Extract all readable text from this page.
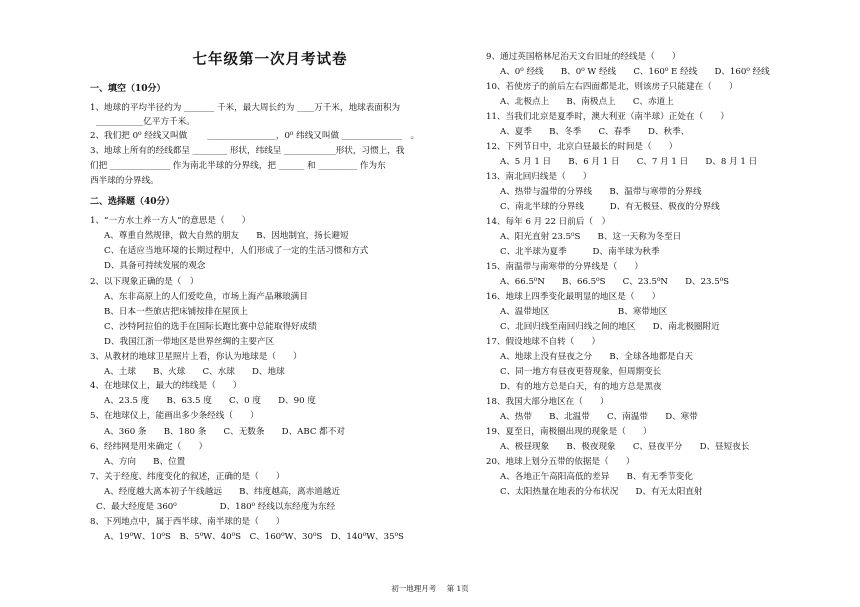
七年级第一次月考试卷
一、填空（10分）
1、地球的平均半径约为 _______ 千米，最大周长约为 ____万千米，地球表面积为
___________亿平方千米。
2、我们把 0⁰ 经线又叫做　　 ________________，0⁰ 纬线又叫做 ______________　。
3、地球上所有的经线都呈 ________ 形状，纬线呈 ____________形状，习惯上，我
们把 ______________ 作为南北半球的分界线，把 ______ 和 _________ 作为东
西半球的分界线。
二、选择题（40分）
1、“一方水土养一方人”的意思是（　　）
A、尊重自然规律，做大自然的朋友　　B、因地制宜，扬长避短
C、在适应当地环境的长期过程中，人们形成了一定的生活习惯和方式
D、具备可持续发展的观念
2、以下现象正确的是（　）
A、东非高原上的人们爱吃鱼，市场上海产品琳琅满目
B、日本一些旅店把床铺按排在屋顶上
C、沙特阿拉伯的选手在国际长跑比赛中总能取得好成绩
D、我国江浙一带地区是世界丝绸的主要产区
3、从教材的地球卫星照片上看，你认为地球是（　　）
A、土球　　B、火球　　C、水球　　D、地球
4、在地球仪上，最大的纬线是（　　）
A、23.5 度　　B、63.5 度　　C、0 度　　D、90 度
5、在地球仪上，能画出多少条经线（　　）
A、360 条　　B、180 条　　C、无数条　　D、ABC 都不对
6、经纬网是用来确定（　　）
A、方向　　B、位置
7、关于经度、纬度变化的叙述，正确的是（　　）
A、经度越大离本初子午线越远　　B、纬度越高，离赤道越近
C、最大经度是 360⁰　　　　　D、180⁰ 经线以东经度为东经
8、下列地点中，属于西半球、南半球的是（　　）
A、19⁰W、10⁰S　B、5⁰W、40⁰S　C、160⁰W、30⁰S　D、140⁰W、35⁰S
9、通过英国格林尼治天文台旧址的经线是（　　）
A、0⁰ 经线　　B、0⁰ W 经线　　C、160⁰ E 经线　　D、160⁰ 经线
10、若使房子的前后左右四面都是北，则该房子只能建在（　　）
A、北极点上　　B、南极点上　　C、赤道上
11、当我们北京是夏季时，澳大利亚（南半球）正处在（　　）
A、夏季　　B、冬季　　C、春季　　D、秋季、
12、下列节日中，北京白昼最长的时间是（　　）
A、5 月 1 日　　B、6 月 1 日　　C、7 月 1 日　　D、8 月 1 日
13、南北回归线是（　　）
A、热带与温带的分界线　　B、温带与寒带的分界线
C、南北半球的分界线　　　D、有无极昼、极夜的分界线
14、每年 6 月 22 日前后（　）
A、阳光直射 23.5⁰S　　B、这一天称为冬至日
C、北半球为夏季　　　D、南半球为秋季
15、南温带与南寒带的分界线是（　　）
A、66.5⁰N　　B、66.5⁰S　　C、23.5⁰N　　D、23.5⁰S
16、地球上四季变化最明显的地区是（　　）
A、温带地区　　　　　　　　B、寒带地区
C、北回归线至南回归线之间的地区　　D、南北极圈附近
17、假设地球不自转（　　）
A、地球上没有昼夜之分　　B、全球各地都是白天
C、同一地方有昼夜更替现象，但周期变长
D、有的地方总是白天，有的地方总是黑夜
18、我国大部分地区在（　　）
A、热带　　B、北温带　　C、南温带　　D、寒带
19、夏至日，南极圈出现的现象是（　　）
A、极昼现象　　B、极夜现象　　C、昼夜平分　　D、昼短夜长
20、地球上划分五带的依据是（　　）
A、各地正午高阳高低的差异　　B、有无季节变化
C、太阳热量在地表的分布状况　　D、有无太阳直射
初一地理月考 第 1页
